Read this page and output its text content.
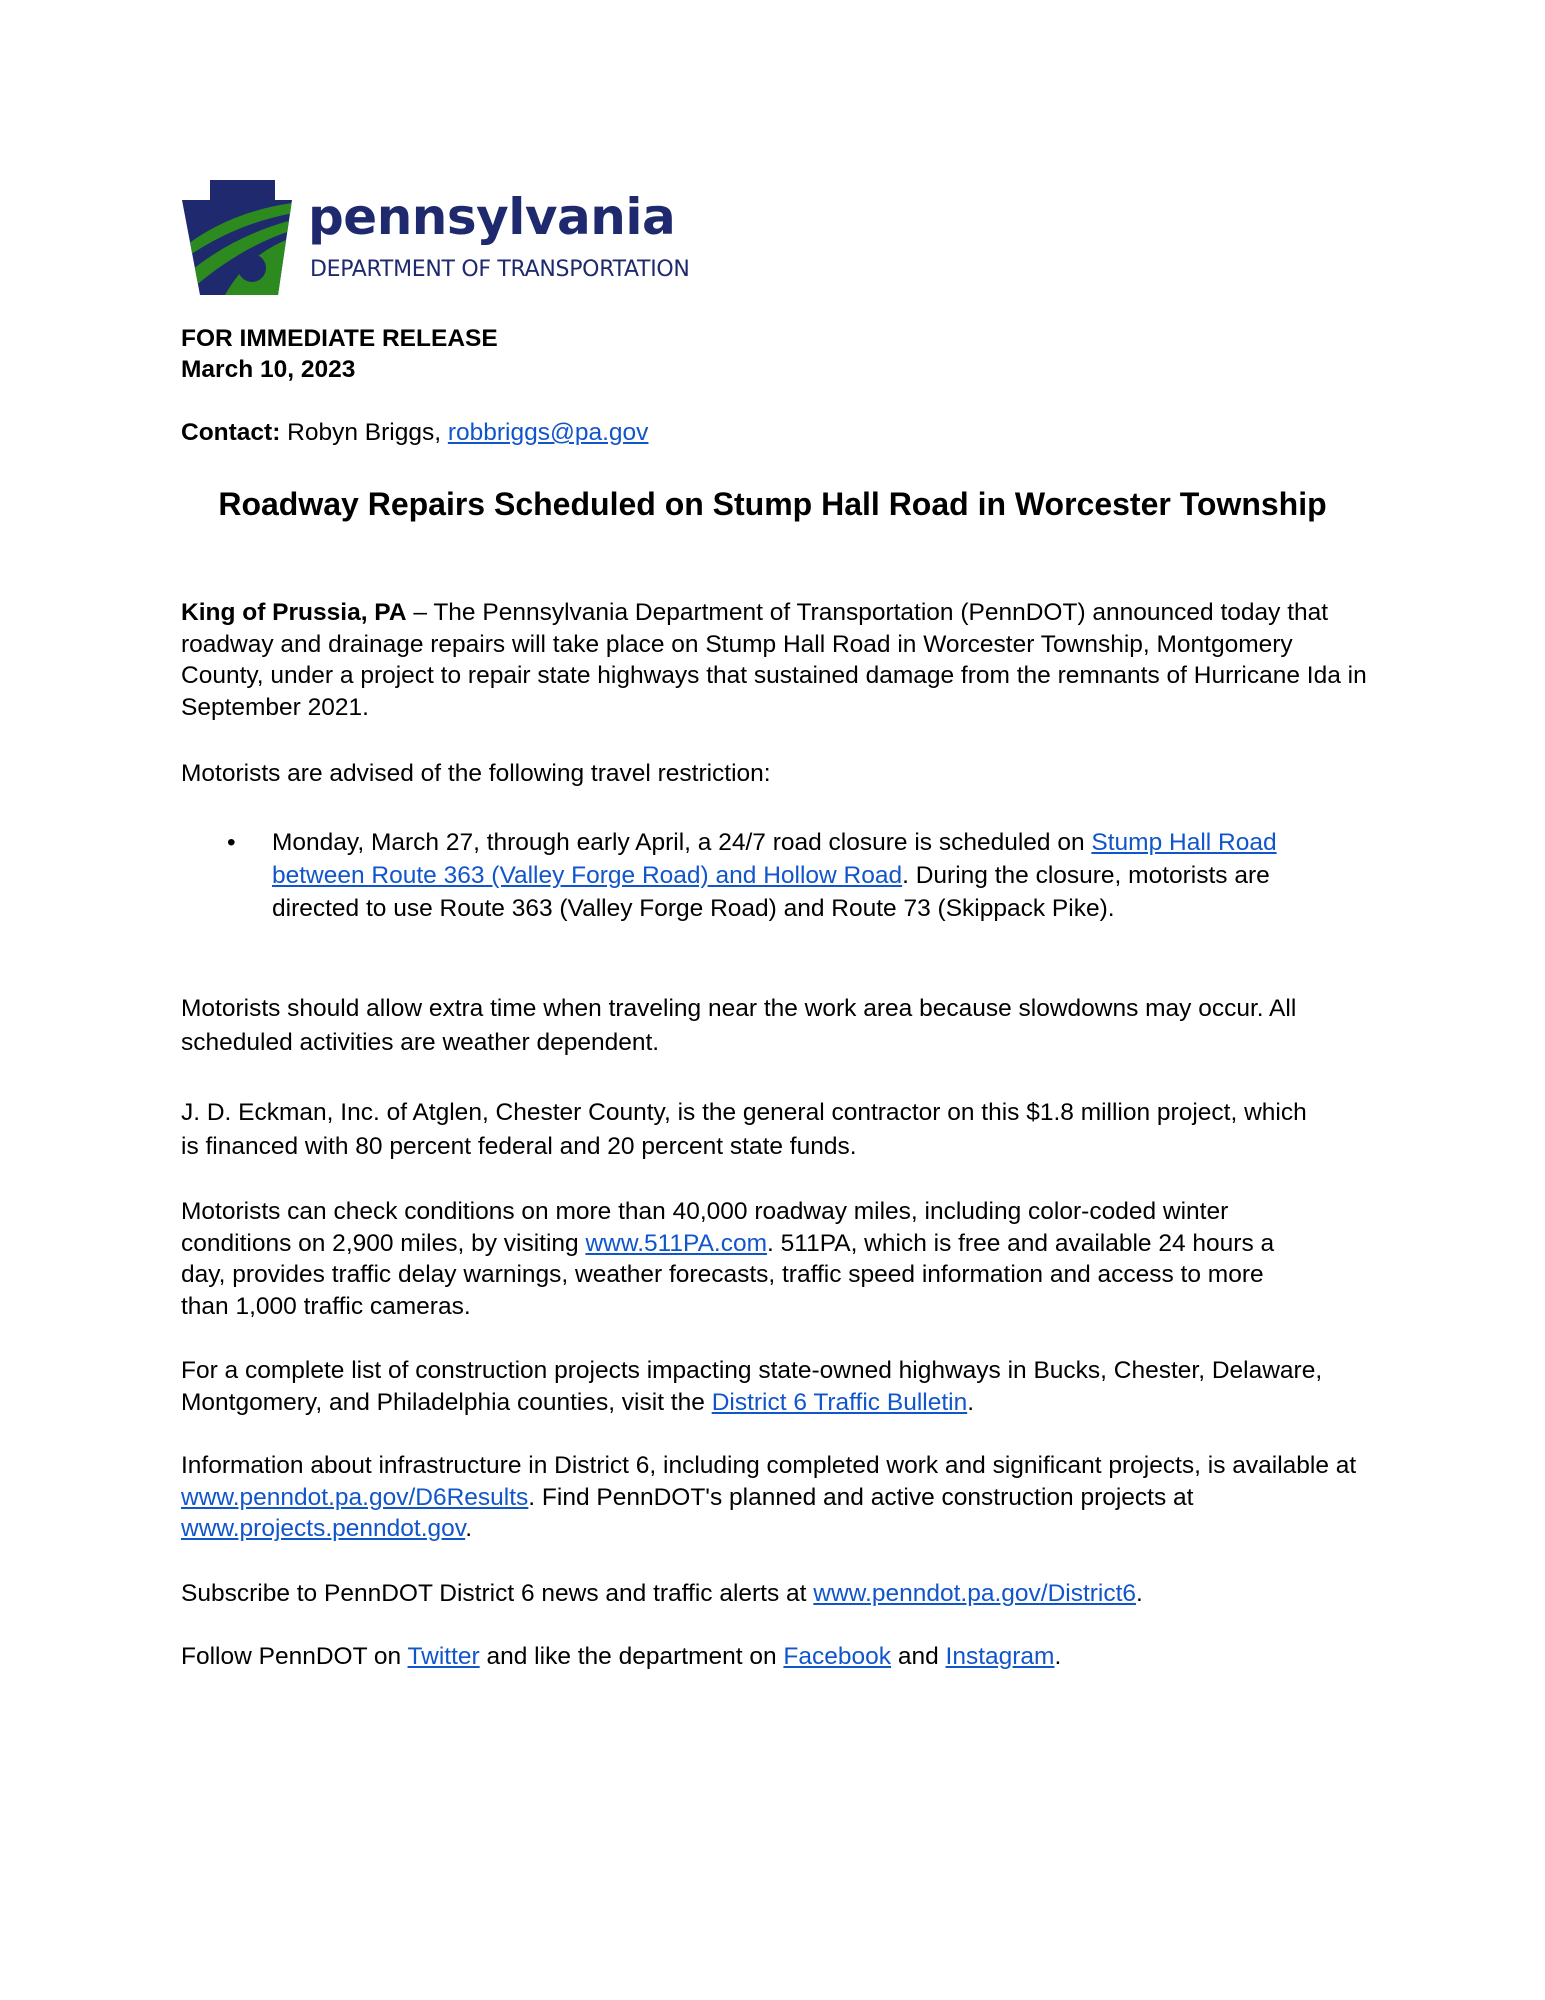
pennsylvania
DEPARTMENT OF TRANSPORTATION
FOR IMMEDIATE RELEASE
March 10, 2023
Contact: Robyn Briggs, robbriggs@pa.gov
Roadway Repairs Scheduled on Stump Hall Road in Worcester Township
King of Prussia, PA – The Pennsylvania Department of Transportation (PennDOT) announced today that roadway and drainage repairs will take place on Stump Hall Road in Worcester Township, Montgomery County, under a project to repair state highways that sustained damage from the remnants of Hurricane Ida in September 2021.
Motorists are advised of the following travel restriction:
• Monday, March 27, through early April, a 24/7 road closure is scheduled on Stump Hall Road between Route 363 (Valley Forge Road) and Hollow Road. During the closure, motorists are directed to use Route 363 (Valley Forge Road) and Route 73 (Skippack Pike).
Motorists should allow extra time when traveling near the work area because slowdowns may occur. All scheduled activities are weather dependent.
J. D. Eckman, Inc. of Atglen, Chester County, is the general contractor on this $1.8 million project, which is financed with 80 percent federal and 20 percent state funds.
Motorists can check conditions on more than 40,000 roadway miles, including color-coded winter conditions on 2,900 miles, by visiting www.511PA.com. 511PA, which is free and available 24 hours a day, provides traffic delay warnings, weather forecasts, traffic speed information and access to more than 1,000 traffic cameras.
For a complete list of construction projects impacting state-owned highways in Bucks, Chester, Delaware, Montgomery, and Philadelphia counties, visit the District 6 Traffic Bulletin.
Information about infrastructure in District 6, including completed work and significant projects, is available at www.penndot.pa.gov/D6Results. Find PennDOT's planned and active construction projects at www.projects.penndot.gov.
Subscribe to PennDOT District 6 news and traffic alerts at www.penndot.pa.gov/District6.
Follow PennDOT on Twitter and like the department on Facebook and Instagram.
